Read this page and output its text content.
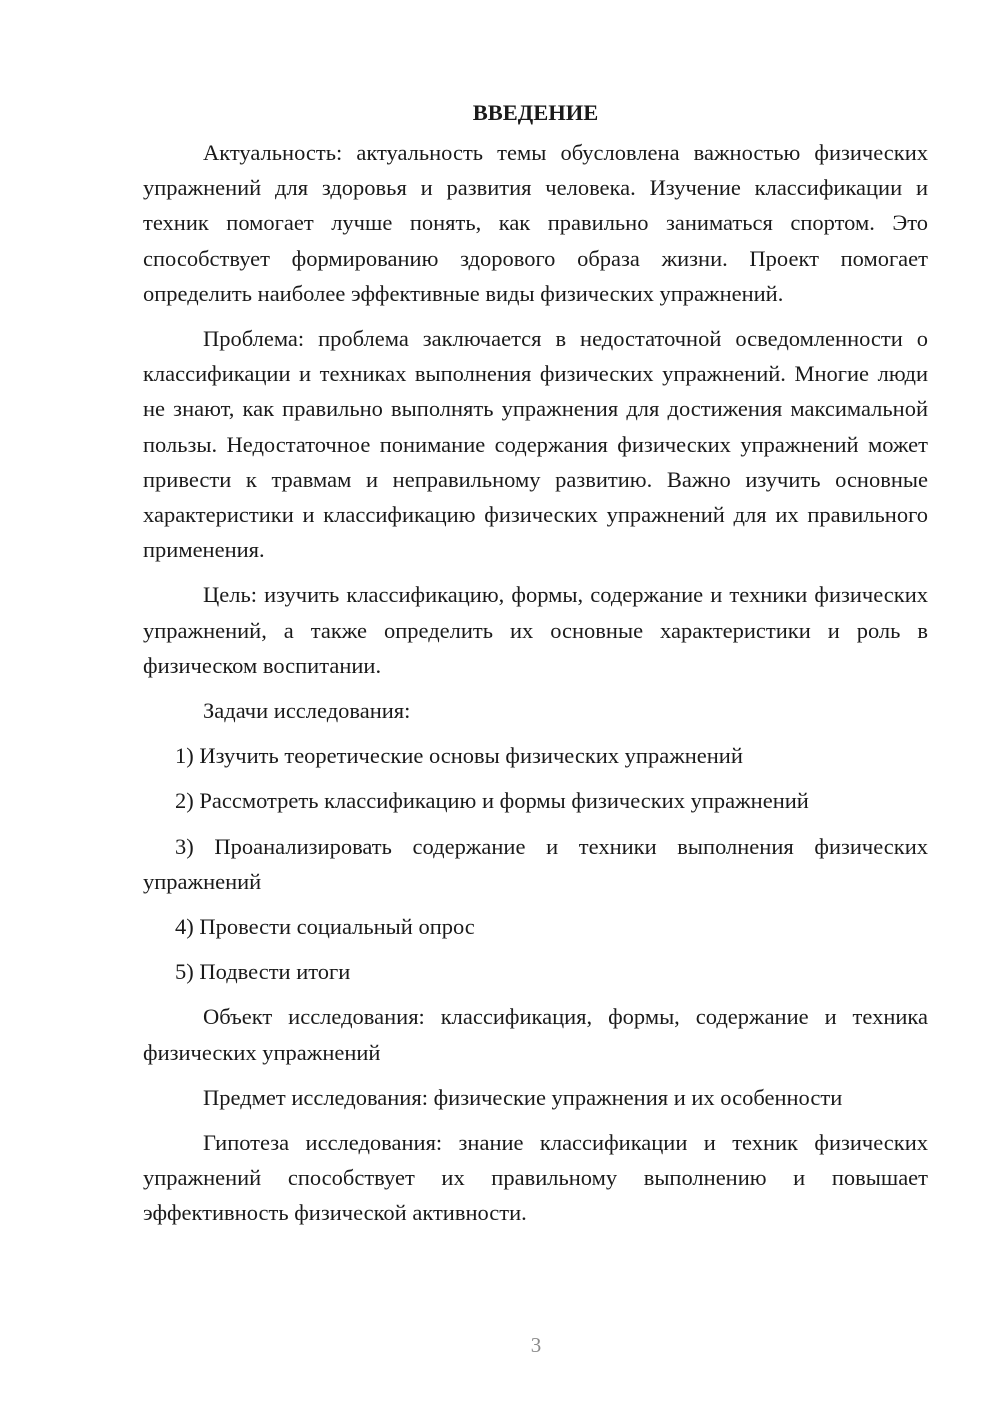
ВВЕДЕНИЕ

Актуальность: актуальность темы обусловлена важностью физических упражнений для здоровья и развития человека. Изучение классификации и техник помогает лучше понять, как правильно заниматься спортом. Это способствует формированию здорового образа жизни. Проект помогает определить наиболее эффективные виды физических упражнений.

Проблема: проблема заключается в недостаточной осведомленности о классификации и техниках выполнения физических упражнений. Многие люди не знают, как правильно выполнять упражнения для достижения максимальной пользы. Недостаточное понимание содержания физических упражнений может привести к травмам и неправильному развитию. Важно изучить основные характеристики и классификацию физических упражнений для их правильного применения.

Цель: изучить классификацию, формы, содержание и техники физических упражнений, а также определить их основные характеристики и роль в физическом воспитании.

Задачи исследования:

1) Изучить теоретические основы физических упражнений

2) Рассмотреть классификацию и формы физических упражнений

3) Проанализировать содержание и техники выполнения физических упражнений

4) Провести социальный опрос

5) Подвести итоги

Объект исследования: классификация, формы, содержание и техника физических упражнений

Предмет исследования: физические упражнения и их особенности

Гипотеза исследования: знание классификации и техник физических упражнений способствует их правильному выполнению и повышает эффективность физической активности.

3
